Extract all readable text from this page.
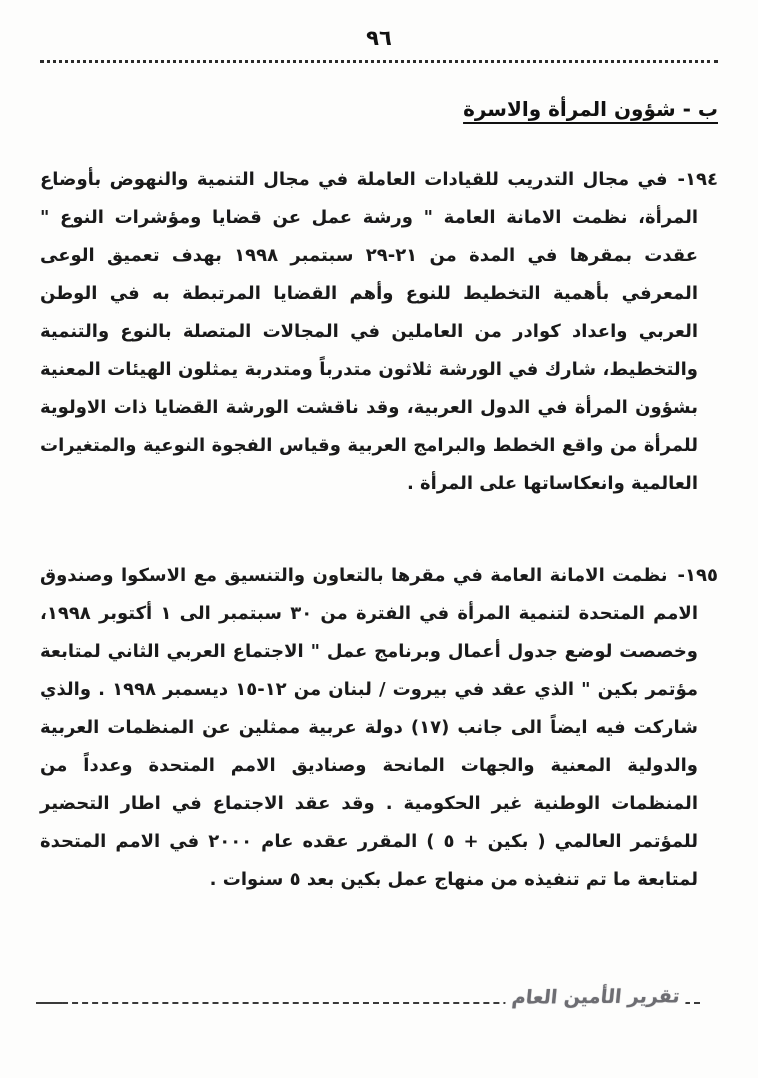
٩٦
ب - شؤون المرأة والاسرة
١٩٤-في مجال التدريب للقيادات العاملة في مجال التنمية والنهوض بأوضاع المرأة، نظمت الامانة العامة " ورشة عمل عن قضايا ومؤشرات النوع " عقدت بمقرها في المدة من ٢١-٢٩ سبتمبر ١٩٩٨ بهدف تعميق الوعى المعرفي بأهمية التخطيط للنوع وأهم القضايا المرتبطة به في الوطن العربي واعداد كوادر من العاملين في المجالات المتصلة بالنوع والتنمية والتخطيط، شارك في الورشة ثلاثون متدرباً ومتدربة يمثلون الهيئات المعنية بشؤون المرأة في الدول العربية، وقد ناقشت الورشة القضايا ذات الاولوية للمرأة من واقع الخطط والبرامج العربية وقياس الفجوة النوعية والمتغيرات العالمية وانعكاساتها على المرأة .
١٩٥-نظمت الامانة العامة في مقرها بالتعاون والتنسيق مع الاسكوا وصندوق الامم المتحدة لتنمية المرأة في الفترة من ٣٠ سبتمبر الى ١ أكتوبر ١٩٩٨، وخصصت لوضع جدول أعمال وبرنامج عمل " الاجتماع العربي الثاني لمتابعة مؤتمر بكين " الذي عقد في بيروت / لبنان من ١٢-١٥ ديسمبر ١٩٩٨ . والذي شاركت فيه ايضاً الى جانب (١٧) دولة عربية ممثلين عن المنظمات العربية والدولية المعنية والجهات المانحة وصناديق الامم المتحدة وعدداً من المنظمات الوطنية غير الحكومية . وقد عقد الاجتماع في اطار التحضير للمؤتمر العالمي ( بكين + ٥ ) المقرر عقده عام ٢٠٠٠ في الامم المتحدة لمتابعة ما تم تنفيذه من منهاج عمل بكين بعد ٥ سنوات .
تقرير الأمين العام
